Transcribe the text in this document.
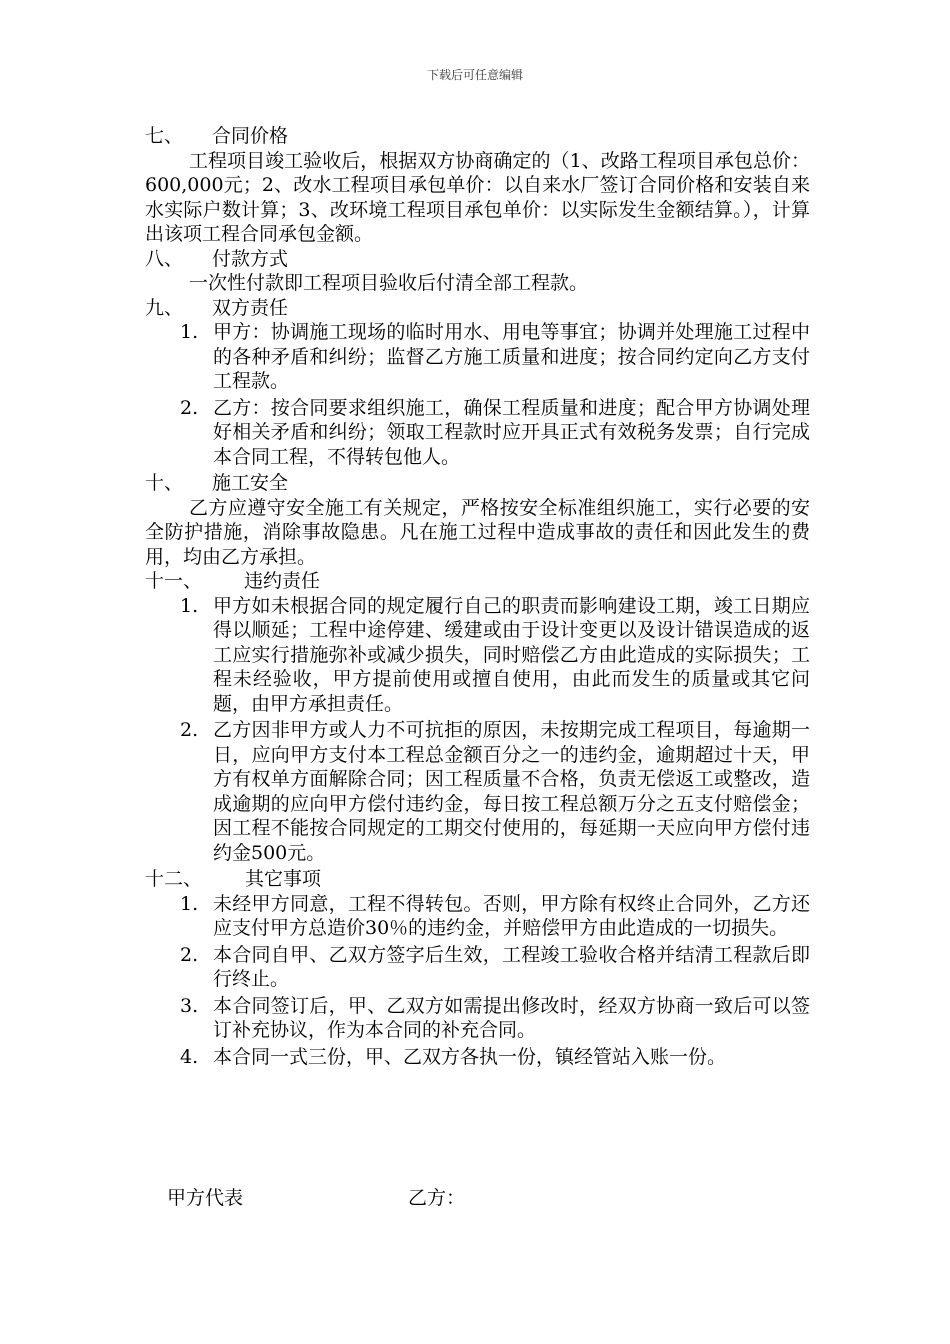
下载后可任意编辑
七、	合同价格
工程项目竣工验收后，根据双方协商确定的（1、改路工程项目承包总价：600,000元；2、改水工程项目承包单价：以自来水厂签订合同价格和安装自来水实际户数计算；3、改环境工程项目承包单价：以实际发生金额结算。），计算出该项工程合同承包金额。
八、	付款方式
一次性付款即工程项目验收后付清全部工程款。
九、	双方责任
1. 甲方：协调施工现场的临时用水、用电等事宜；协调并处理施工过程中的各种矛盾和纠纷；监督乙方施工质量和进度；按合同约定向乙方支付工程款。
2. 乙方：按合同要求组织施工，确保工程质量和进度；配合甲方协调处理好相关矛盾和纠纷；领取工程款时应开具正式有效税务发票；自行完成本合同工程，不得转包他人。
十、	施工安全
乙方应遵守安全施工有关规定，严格按安全标准组织施工，实行必要的安全防护措施，消除事故隐患。凡在施工过程中造成事故的责任和因此发生的费用，均由乙方承担。
十一、	违约责任
1. 甲方如未根据合同的规定履行自己的职责而影响建设工期，竣工日期应得以顺延；工程中途停建、缓建或由于设计变更以及设计错误造成的返工应实行措施弥补或减少损失，同时赔偿乙方由此造成的实际损失；工程未经验收，甲方提前使用或擅自使用，由此而发生的质量或其它问题，由甲方承担责任。
2. 乙方因非甲方或人力不可抗拒的原因，未按期完成工程项目，每逾期一日，应向甲方支付本工程总金额百分之一的违约金，逾期超过十天，甲方有权单方面解除合同；因工程质量不合格，负责无偿返工或整改，造成逾期的应向甲方偿付违约金，每日按工程总额万分之五支付赔偿金；因工程不能按合同规定的工期交付使用的，每延期一天应向甲方偿付违约金500元。
十二、	其它事项
1. 未经甲方同意，工程不得转包。否则，甲方除有权终止合同外，乙方还应支付甲方总造价30％的违约金，并赔偿甲方由此造成的一切损失。
2. 本合同自甲、乙双方签字后生效，工程竣工验收合格并结清工程款后即行终止。
3. 本合同签订后，甲、乙双方如需提出修改时，经双方协商一致后可以签订补充协议，作为本合同的补充合同。
4. 本合同一式三份，甲、乙双方各执一份，镇经管站入账一份。
甲方代表	乙方：
